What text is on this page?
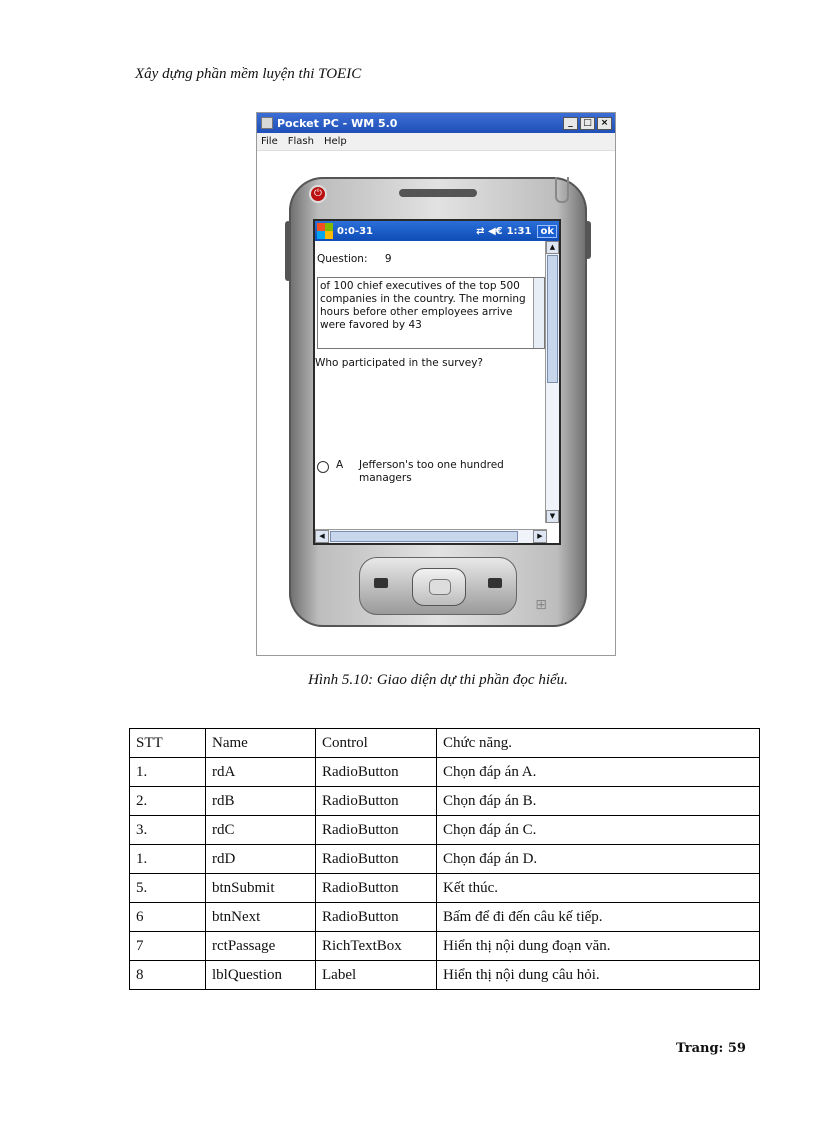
Xây dựng phần mềm luyện thi TOEIC
Pocket PC - WM 5.0	_	□ ×
File Flash Help
⏻
0:0-31	⇄ ◀€ 1:31 ok
Question: 9
of 100 chief executives of the top 500 companies in the country. The morning hours before other employees arrive were favored by 43
Who participated in the survey?
A Jefferson's too one hundred managers
▲
▼
◀	▶
⊞
Hình 5.10: Giao diện dự thi phần đọc hiểu.
STT	Name	Control	Chức năng.
1.	rdA	RadioButton	Chọn đáp án A.
2.	rdB	RadioButton	Chọn đáp án B.
3.	rdC	RadioButton	Chọn đáp án C.
1.	rdD	RadioButton	Chọn đáp án D.
5.	btnSubmit	RadioButton	Kết thúc.
6	btnNext	RadioButton	Bấm để đi đến câu kế tiếp.
7	rctPassage	RichTextBox	Hiển thị nội dung đoạn văn.
8	lblQuestion	Label	Hiển thị nội dung câu hỏi.
Trang: 59
